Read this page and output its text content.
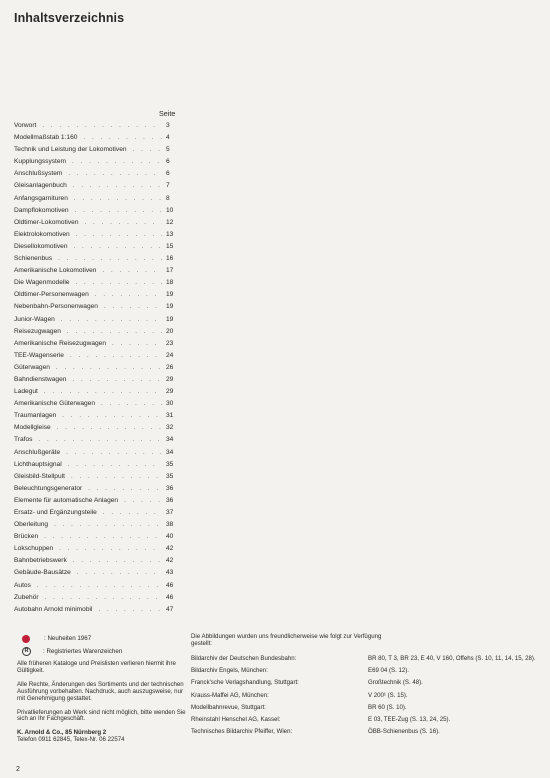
Inhaltsverzeichnis
Seite
Vorwort . . .	3
Modellmaßstab 1:160 . . .	4
Technik und Leistung der Lokomotiven . . .	5
Kupplungssystem . . .	6
Anschlußsystem . . .	6
Gleisanlagenbuch . . .	7
Anfangsgarnituren . . .	8
Dampflokomotiven . . .	10
Oldtimer-Lokomotiven . . .	12
Elektrolokomotiven . . .	13
Diesellokomotiven . . .	15
Schienenbus . . .	16
Amerikanische Lokomotiven . . .	17
Die Wagenmodelle . . .	18
Oldtimer-Personenwagen . . .	19
Nebenbahn-Personenwagen . . .	19
Junior-Wagen . . .	19
Reisezugwagen . . .	20
Amerikanische Reisezugwagen . . .	23
TEE-Wagenserie . . .	24
Güterwagen . . .	26
Bahndienstwagen . . .	29
Ladegut . . .	29
Amerikanische Güterwagen . . .	30
Traumanlagen . . .	31
Modellgleise . . .	32
Trafos . . .	34
Anschlußgeräte . . .	34
Lichthauptsignal . . .	35
Gleisbild-Stellpult . . .	35
Beleuchtungsgenerator . . .	36
Elemente für automatische Anlagen . . .	36
Ersatz- und Ergänzungsteile . . .	37
Oberleitung . . .	38
Brücken . . .	40
Lokschuppen . . .	42
Bahnbetriebswerk . . .	42
Gebäude-Bausätze . . .	43
Autos . . .	46
Zubehör . . .	46
Autobahn Arnold minimobil . . .	47
: Neuheiten 1967
R	: Registriertes Warenzeichen

Alle früheren Kataloge und Preislisten verlieren hiermit ihre Gültigkeit.

Alle Rechte, Änderungen des Sortiments und der technischen Ausführung vorbehalten. Nachdruck, auch auszugsweise, nur mit Genehmigung gestattet.

Privatlieferungen ab Werk sind nicht möglich, bitte wenden Sie sich an Ihr Fachgeschäft.

K. Arnold & Co., 85 Nürnberg 2

Telefon 0911 62845, Telex-Nr. 06 22574

Die Abbildungen wurden uns freundlicherweise wie folgt zur Verfügung gestellt:
Bildarchiv der Deutschen Bundesbahn:	BR 80, T 3, BR 23, E 40, V 160, Offehs (S. 10, 11, 14, 15, 28).
Bildarchiv Engels, München:	E69 04 (S. 12).
Franck'sche Verlagshandlung, Stuttgart:	Großtechnik (S. 48).
Krauss-Maffei AG, München:	V 200¹ (S. 15).
Modellbahnrevue, Stuttgart:	BR 60 (S. 10).
Rheinstahl Henschel AG, Kassel:	E 03, TEE-Zug (S. 13, 24, 25).
Technisches Bildarchiv Pfeiffer, Wien:	ÖBB-Schienenbus (S. 16).
2
